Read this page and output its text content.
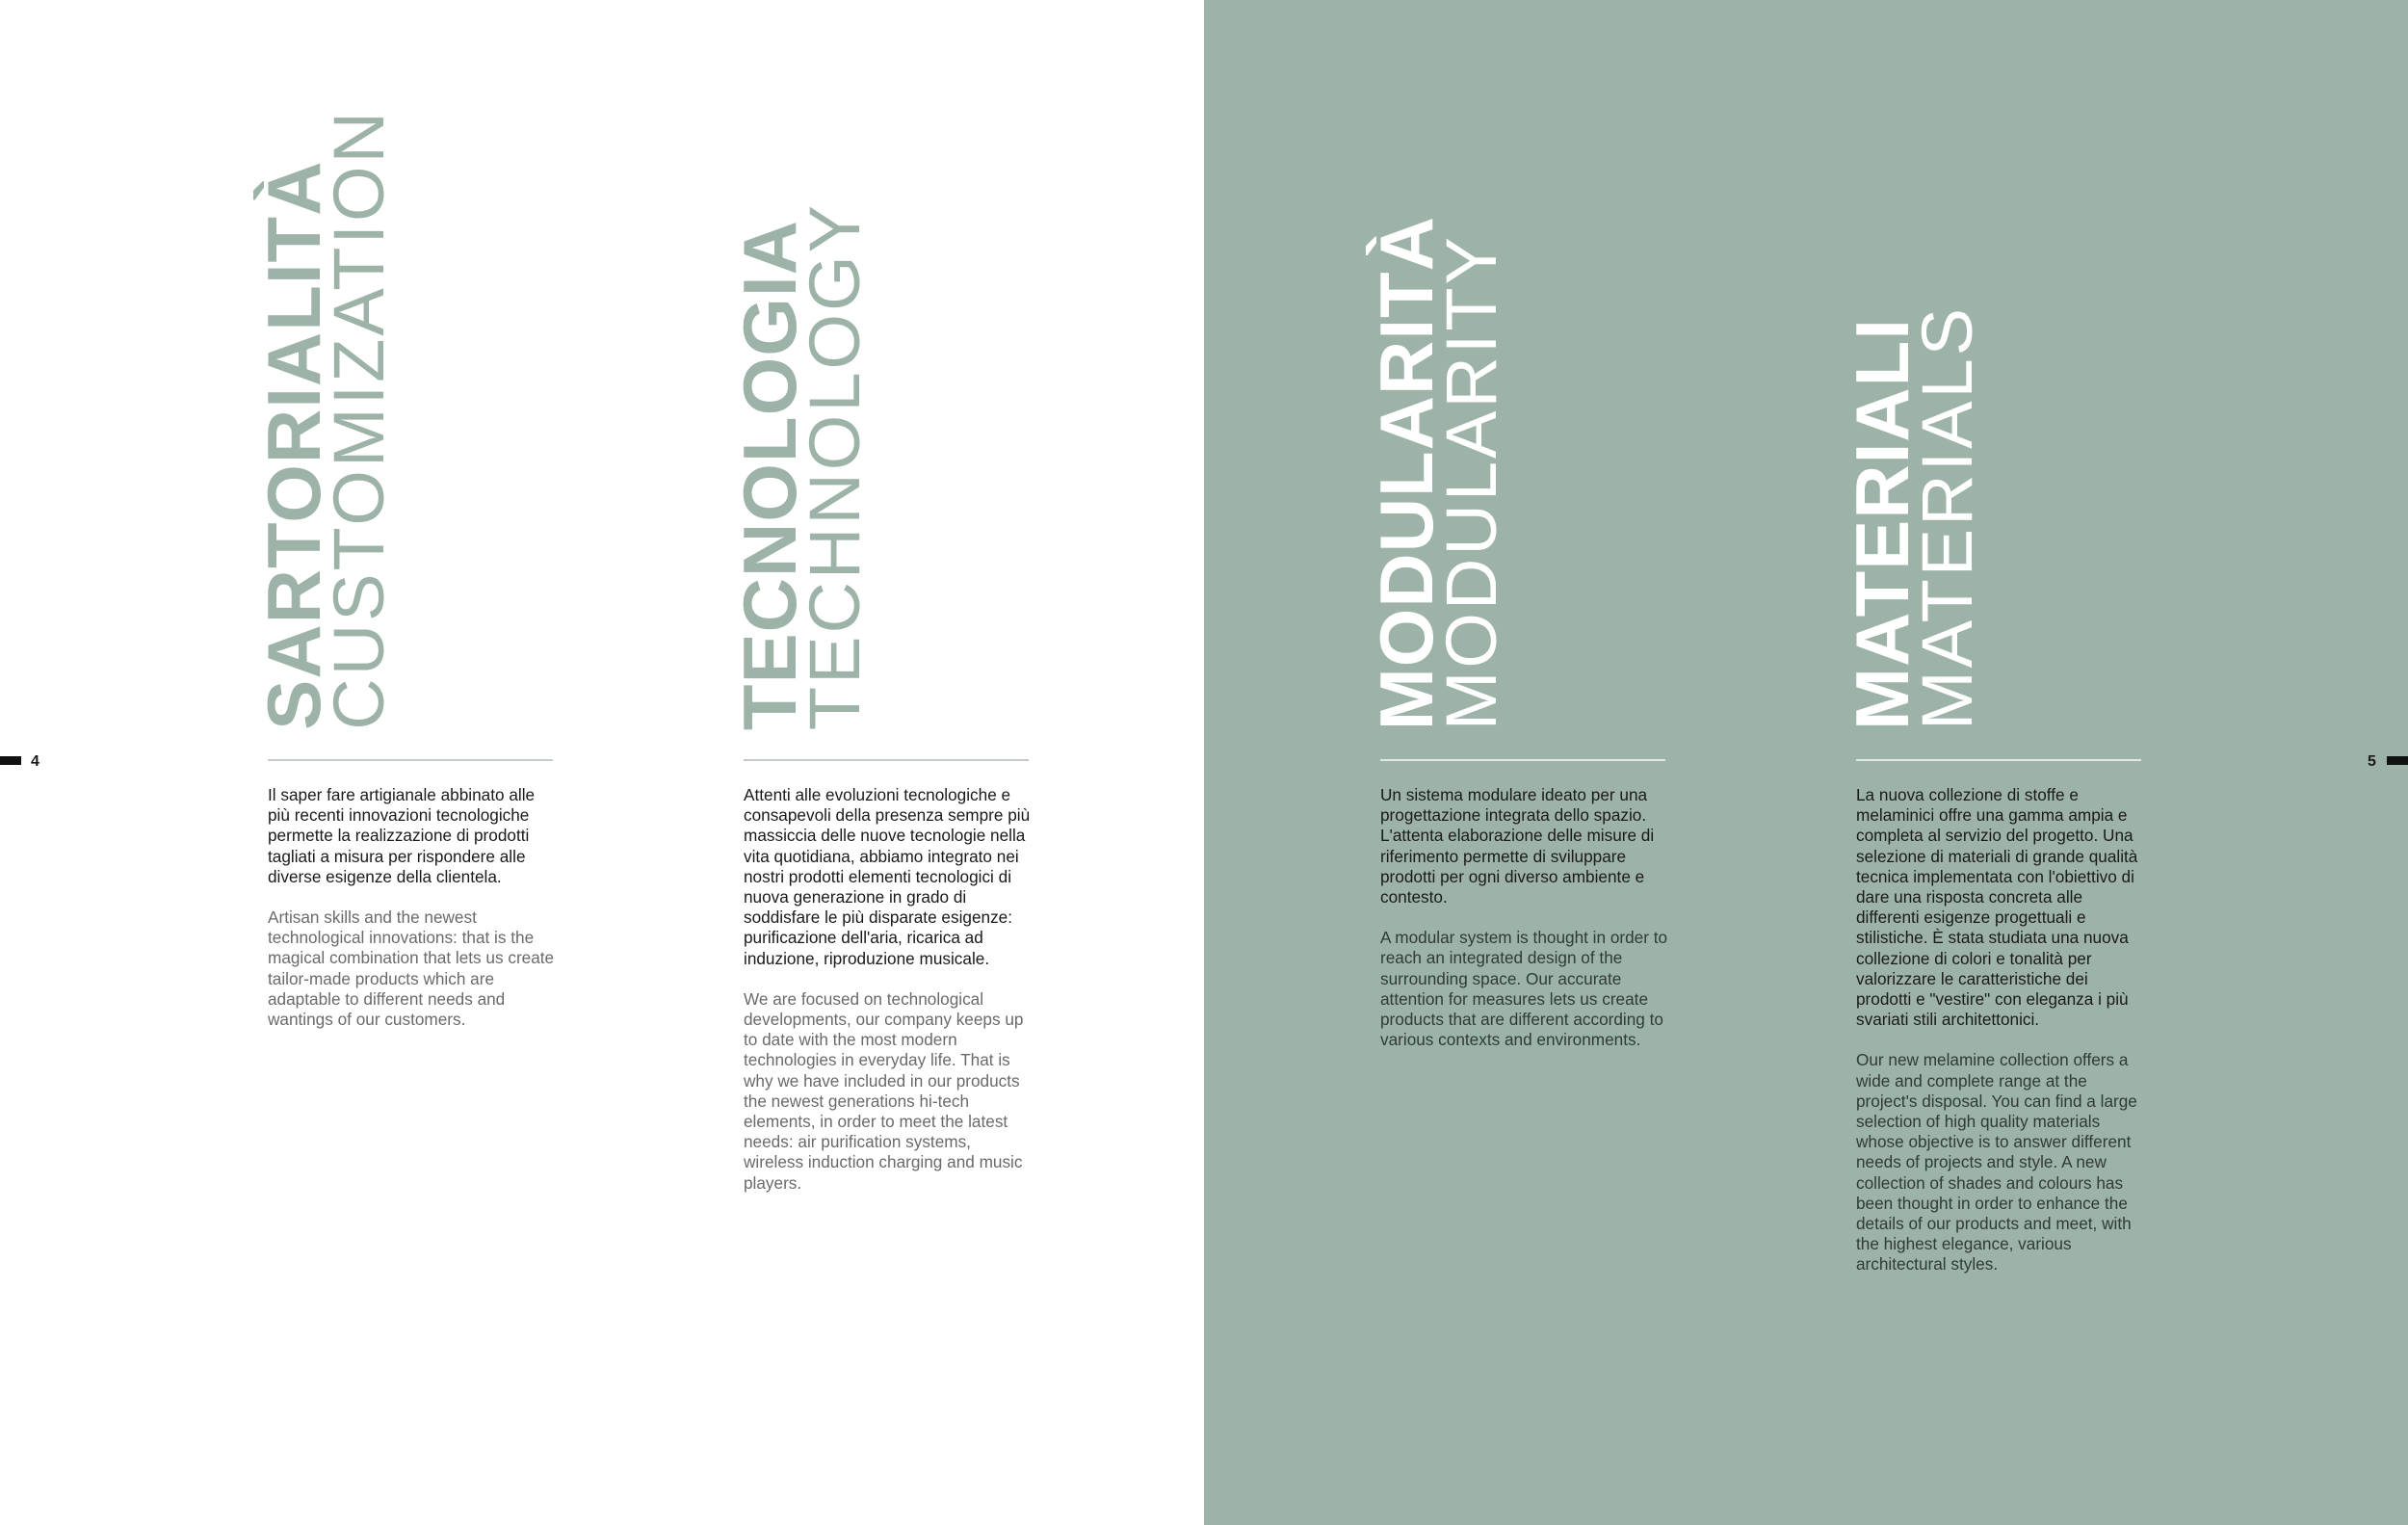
4	5
SARTORIALITÀ
CUSTOMIZATION

Il saper fare artigianale abbinato alle più recenti innovazioni tecnologiche permette la realizzazione di prodotti tagliati a misura per rispondere alle diverse esigenze della clientela.

Artisan skills and the newest technological innovations: that is the magical combination that lets us create tailor-made products which are adaptable to different needs and wantings of our customers.

TECNOLOGIA
TECHNOLOGY

Attenti alle evoluzioni tecnologiche e consapevoli della presenza sempre più massiccia delle nuove tecnologie nella vita quotidiana, abbiamo integrato nei nostri prodotti elementi tecnologici di nuova generazione in grado di soddisfare le più disparate esigenze: purificazione dell'aria, ricarica ad induzione, riproduzione musicale.

We are focused on technological developments, our company keeps up to date with the most modern technologies in everyday life. That is why we have included in our products the newest generations hi-tech elements, in order to meet the latest needs: air purification systems, wireless induction charging and music players.

MODULARITÀ
MODULARITY

Un sistema modulare ideato per una progettazione integrata dello spazio. L'attenta elaborazione delle misure di riferimento permette di sviluppare prodotti per ogni diverso ambiente e contesto.

A modular system is thought in order to reach an integrated design of the surrounding space. Our accurate attention for measures lets us create products that are different according to various contexts and environments.

MATERIALI
MATERIALS

La nuova collezione di stoffe e melaminici offre una gamma ampia e completa al servizio del progetto. Una selezione di materiali di grande qualità tecnica implementata con l'obiettivo di dare una risposta concreta alle differenti esigenze progettuali e stilistiche. È stata studiata una nuova collezione di colori e tonalità per valorizzare le caratteristiche dei prodotti e "vestire" con eleganza i più svariati stili architettonici.

Our new melamine collection offers a wide and complete range at the project's disposal. You can find a large selection of high quality materials whose objective is to answer different needs of projects and style. A new collection of shades and colours has been thought in order to enhance the details of our products and meet, with the highest elegance, various architectural styles.
